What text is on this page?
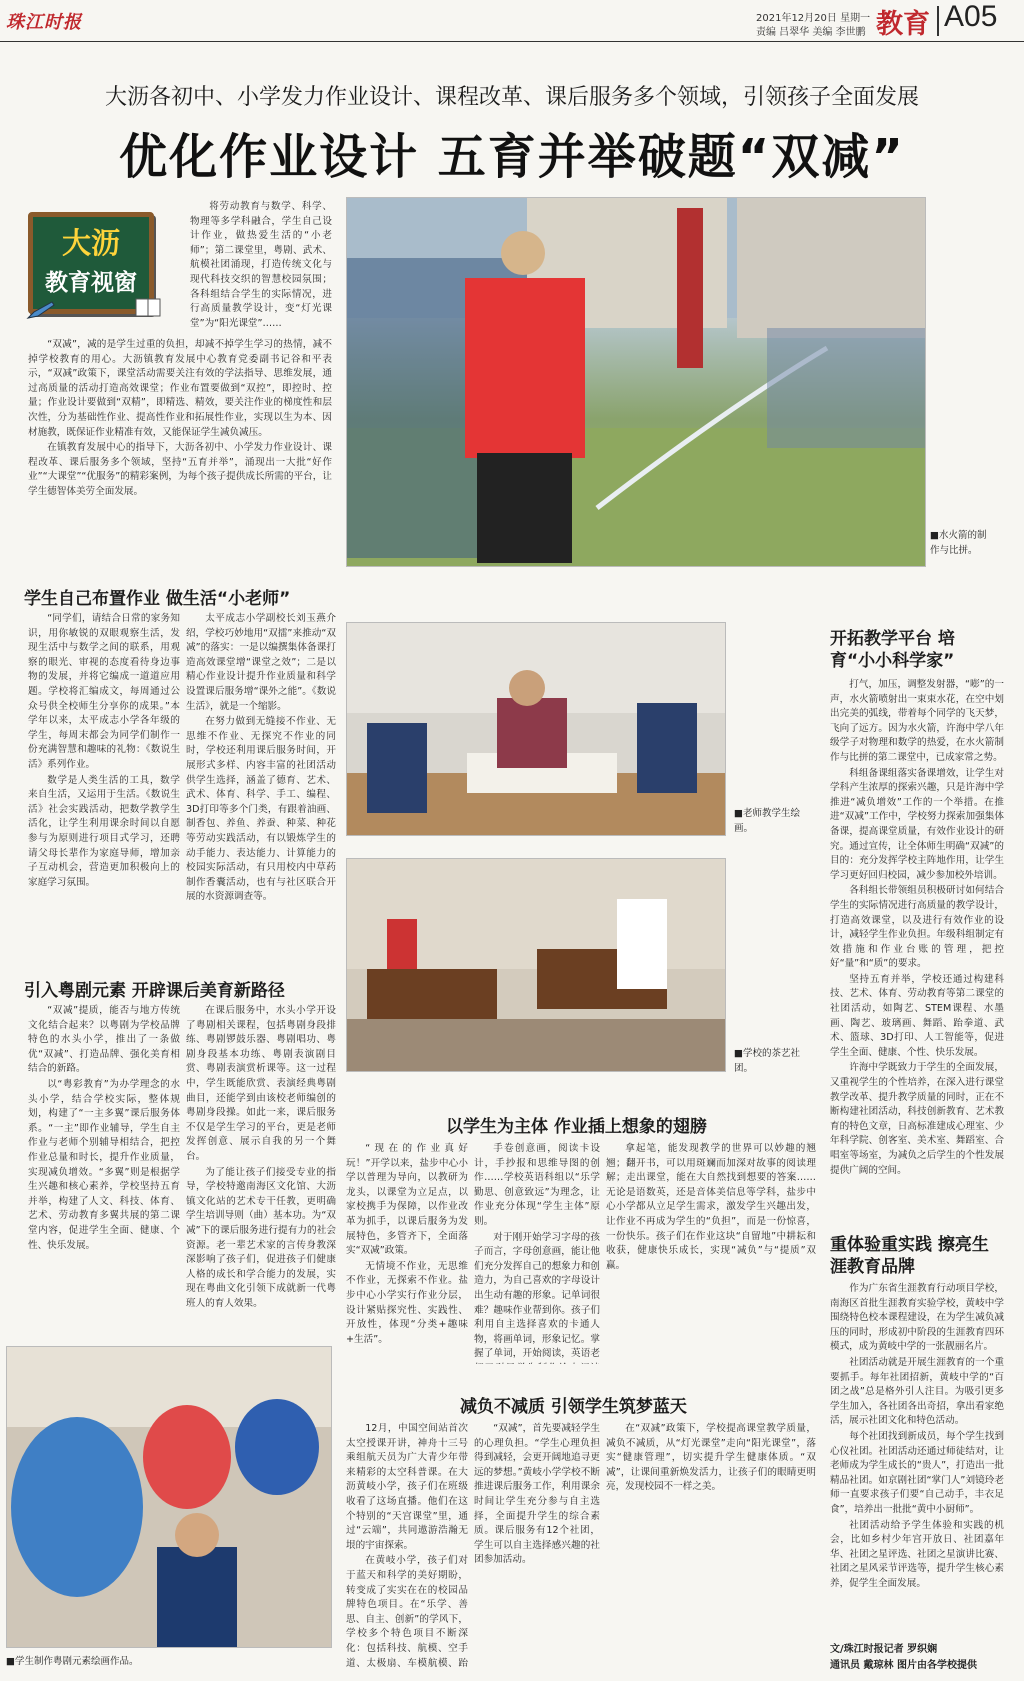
珠江时报	2021年12月20日 星期一
责编 吕翠华 美编 李世鹏 教育 A05
大沥各初中、小学发力作业设计、课程改革、课后服务多个领域，引领孩子全面发展
优化作业设计 五育并举破题“双减”
大沥
教育视窗

将劳动教育与数学、科学、物理等多学科融合，学生自己设计作业，做热爱生活的“小老师”；第二课堂里，粤剧、武术、航模社团涌现，打造传统文化与现代科技交织的智慧校园氛围；各科组结合学生的实际情况，进行高质量教学设计，变“灯光课堂”为“阳光课堂”……

“双减”，减的是学生过重的负担，却减不掉学生学习的热情，减不掉学校教育的用心。大沥镇教育发展中心教育党委副书记谷和平表示，“双减”政策下，课堂活动需要关注有效的学法指导、思维发展，通过高质量的活动打造高效课堂；作业布置要做到“双控”，即控时、控量；作业设计要做到“双精”，即精选、精效，要关注作业的梯度性和层次性，分为基础性作业、提高性作业和拓展性作业，实现以生为本、因材施教，既保证作业精准有效，又能保证学生减负减压。

在镇教育发展中心的指导下，大沥各初中、小学发力作业设计、课程改革、课后服务多个领域，坚持“五育并举”，涌现出一大批“好作业”“大课堂”“优服务”的精彩案例，为每个孩子提供成长所需的平台，让学生德智体美劳全面发展。

■水火箭的制作与比拼。
学生自己布置作业 做生活“小老师”

“同学们，请结合日常的家务知识，用你敏锐的双眼观察生活，发现生活中与数学之间的联系，用观察的眼光、审视的态度看待身边事物的发展，并将它编成一道道应用题。学校将汇编成文，每周通过公众号供全校师生分享你的成果。”本学年以来，太平成志小学各年级的学生，每周末都会为同学们制作一份充满智慧和趣味的礼物：《数说生活》系列作业。

数学是人类生活的工具，数学来自生活，又运用于生活。《数说生活》社会实践活动，把数学教学生活化，让学生利用课余时间以自愿参与为原则进行项目式学习，还聘请父母长辈作为家庭导师，增加亲子互动机会，营造更加积极向上的家庭学习氛围。

太平成志小学副校长刘玉燕介绍，学校巧妙地用“双擂”来推动“双减”的落实：一是以编撰集体备课打造高效课堂增“课堂之效”；二是以精心作业设计提升作业质量和科学设置课后服务增“课外之能”。《数说生活》，就是一个缩影。

在努力做到无缝接不作业、无思维不作业、无探究不作业的同时，学校还利用课后服务时间，开展形式多样、内容丰富的社团活动供学生选择，涵盖了德育、艺术、武术、体育、科学、手工、编程、3D打印等多个门类，有跟着油画、制香包、养鱼、养蚕、种菜、种花等劳动实践活动，有以锻炼学生的动手能力、表达能力、计算能力的校园实际活动，有只用校内中草药制作香囊活动，也有与社区联合开展的水资源调查等。

■老师教学生绘画。
■学校的茶艺社团。
开拓教学平台 培育“小小科学家”

打气，加压，调整发射器，“嘭”的一声，水火箭喷射出一束束水花，在空中划出完美的弧线，带着每个同学的飞天梦，飞向了远方。因为水火箭，许海中学八年级学子对物理和数学的热爱，在水火箭制作与比拼的第二课堂中，已成家常之势。

科组备课组落实备课增效，让学生对学科产生浓厚的探索兴趣，只是许海中学推进“减负增效”工作的一个举措。在推进“双减”工作中，学校努力探索加强集体备课，提高课堂质量，有效作业设计的研究。通过宣传，让全体师生明确“双减”的目的：充分发挥学校主阵地作用，让学生学习更好回归校园，减少参加校外培训。

各科组长带领组员积极研讨如何结合学生的实际情况进行高质量的教学设计，打造高效课堂，以及进行有效作业的设计，减轻学生作业负担。年级科组制定有效措施和作业台账的管理，把控好“量”和“质”的要求。

坚持五育并举，学校还通过构建科技、艺术、体育、劳动教育等第二课堂的社团活动，如陶艺、STEM课程、水墨画、陶艺、玻璃画、舞蹈、跆拳道、武术、篮球、3D打印、人工智能等，促进学生全面、健康、个性、快乐发展。

许海中学既致力于学生的全面发展，又重视学生的个性培养，在深入进行课堂教学改革、提升教学质量的同时，正在不断构建社团活动，科技创新教育、艺术教育的特色文章，日高标准建成心理室、少年科学院、创客室、美术室、舞蹈室、合唱室等场室，为减负之后学生的个性发展提供广阔的空间。

引入粤剧元素 开辟课后美育新路径

“双减”提质，能否与地方传统文化结合起来？以粤剧为学校品牌特色的水头小学，推出了一条做优“双减”、打造品牌、强化美育相结合的新路。

以“粤彩教育”为办学理念的水头小学，结合学校实际，整体规划，构建了“一主多翼”课后服务体系。“一主”即作业辅导，学生自主作业与老师个别辅导相结合，把控作业总量和时长，提升作业质量，实现减负增效。“多翼”则是根据学生兴趣和核心素养，学校坚持五育并举，构建了人文、科技、体育、艺术、劳动教育多翼共展的第二课堂内容，促进学生全面、健康、个性、快乐发展。

在课后服务中，水头小学开设了粤剧相关课程，包括粤剧身段排练、粤剧锣鼓乐器、粤剧唱功、粤剧身段基本功练、粤剧表演剧目赏、粤剧表演赏析课等。这一过程中，学生既能欣赏、表演经典粤剧曲目，还能学到由该校老师编创的粤剧身段操。如此一来，课后服务不仅是学生学习的平台，更是老师发挥创意、展示自我的另一个舞台。

为了能让孩子们接受专业的指导，学校特邀南海区文化馆、大沥镇文化站的艺术专干任教，更明确学生培训导则（曲）基本功。为“双减”下的课后服务进行提有力的社会资源。老一辈艺术家的言传身教深深影响了孩子们，促进孩子们健康人格的成长和学合能力的发展，实现在粤曲文化引领下成就新一代粤班人的育人效果。

以学生为主体 作业插上想象的翅膀

“现在的作业真好玩！”开学以来，盐步中心小学以普理为导向，以教研为龙头，以课堂为立足点，以家校携手为保障，以作业改革为抓手，以课后服务为发展特色，多管齐下，全面落实“双减”政策。

无情境不作业，无思维不作业，无探索不作业。盐步中心小学实行作业分层，设计紧贴探究性、实践性、开放性，体现“分类+趣味+生活”。

手卷创意画，阅读卡设计，手抄报和思维导图的创作……学校英语科组以“乐学勤思、创意致远”为理念，让作业充分体现“学生主体”原则。

对于刚开始学习字母的孩子而言，字母创意画，能让他们充分发挥自己的想象力和创造力，为自己喜欢的字母设计出生动有趣的形象。记单词很难？趣味作业帮到你。孩子们利用自主选择喜欢的卡通人物，将画单词，形象记忆。掌握了单词，开始阅读，英语老

拿起笔，能发现教学的世界可以妙趣的翘翘；翻开书，可以用斑斓而加深对故事的阅读理解；走出课堂，能在大自然找到想要的答案……无论是语数英，还是音体美信息等学科，盐步中心小学都从立足学生需求，激发学生兴趣出发，让作业不再成为学生的“负担”，而是一份惊喜，一份快乐。孩子们在作业这块“自留地”中耕耘和收获，健康快乐成长，实现“减负”与“提质”双赢。

重体验重实践 擦亮生涯教育品牌

作为广东省生涯教育行动项目学校，南海区首批生涯教育实验学校，黄岐中学围绕特色校本课程建设，在为学生减负减压的同时，形成初中阶段的生涯教育四环模式，成为黄岐中学的一张靓丽名片。

社团活动就是开展生涯教育的一个重要抓手。每年社团招新，黄岐中学的“百团之战”总是格外引人注目。为吸引更多学生加入，各社团各出奇招，拿出看家绝活，展示社团文化和特色活动。

每个社团找到新成员，每个学生找到心仪社团。社团活动还通过师徒结对，让老师成为学生成长的“贵人”，打造出一批精品社团。如京剧社团“掌门人”刘镜玲老师一直要求孩子们要“自己动手，丰衣足食”，培养出一批批“黄中小厨师”。

社团活动给予学生体验和实践的机会，比如乡村少年宫开放日、社团嘉年华、社团之星评选、社团之星演讲比赛、社团之星风采节评选等，提升学生核心素养，促学生全面发展。

■学生制作粤剧元素绘画作品。
减负不减质 引领学生筑梦蓝天

12月，中国空间站首次太空授课开讲，神舟十三号乘组航天员为广大青少年带来精彩的太空科普课。在大沥黄岐小学，孩子们在班级收看了这场直播。他们在这个特别的“天宫课堂”里，通过“云端”，共同遨游浩瀚无垠的宇宙探索。

在黄岐小学，孩子们对于蓝天和科学的美好期盼，转变成了实实在在的校园品牌特色项目。在“乐学、善思、自主、创新”的学风下，学校多个特色项目不断深化：包括科技、航模、空手道、太极扇、车模航模、跆

“双减”，首先要减轻学生的心理负担。“学生心理负担得到减轻，会更开阔地追寻更远的梦想。”黄岐小学学校不断推进课后服务工作，利用课余时间让学生充分参与自主选择，全面提升学生的综合素质。课后服务有12个社团，学生可以自主选择感兴趣的社团参加活动。

在“双减”政策下，学校提高课堂教学质量，减负不减质，从“灯光课堂”走向“阳光课堂”，落实“健康管理”，切实提升学生健康体质。“双减”，让课间重新焕发活力，让孩子们的眼睛更明亮，发现校园不一样之美。

文/珠江时报记者 罗织娴
通讯员 戴琼林 图片由各学校提供
